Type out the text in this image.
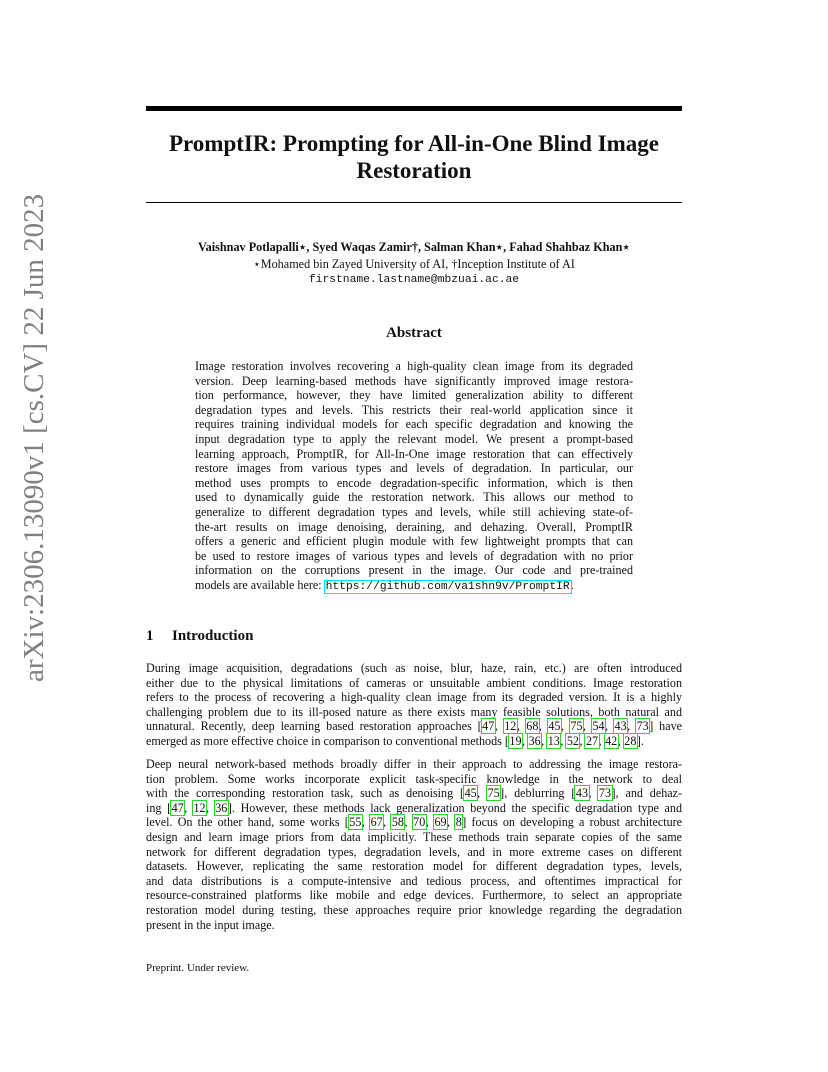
arXiv:2306.13090v1 [cs.CV] 22 Jun 2023
PromptIR: Prompting for All-in-One Blind Image
Restoration
Vaishnav Potlapalli⋆, Syed Waqas Zamir†, Salman Khan⋆, Fahad Shahbaz Khan⋆
⋆Mohamed bin Zayed University of AI, †Inception Institute of AI
firstname.lastname@mbzuai.ac.ae
Abstract
Image restoration involves recovering a high-quality clean image from its degraded
version. Deep learning-based methods have significantly improved image restora-
tion performance, however, they have limited generalization ability to different
degradation types and levels. This restricts their real-world application since it
requires training individual models for each specific degradation and knowing the
input degradation type to apply the relevant model. We present a prompt-based
learning approach, PromptIR, for All-In-One image restoration that can effectively
restore images from various types and levels of degradation. In particular, our
method uses prompts to encode degradation-specific information, which is then
used to dynamically guide the restoration network. This allows our method to
generalize to different degradation types and levels, while still achieving state-of-
the-art results on image denoising, deraining, and dehazing. Overall, PromptIR
offers a generic and efficient plugin module with few lightweight prompts that can
be used to restore images of various types and levels of degradation with no prior
information on the corruptions present in the image. Our code and pre-trained
models are available here: https://github.com/va1shn9v/PromptIR.
1 Introduction
During image acquisition, degradations (such as noise, blur, haze, rain, etc.) are often introduced
either due to the physical limitations of cameras or unsuitable ambient conditions. Image restoration
refers to the process of recovering a high-quality clean image from its degraded version. It is a highly
challenging problem due to its ill-posed nature as there exists many feasible solutions, both natural and
unnatural. Recently, deep learning based restoration approaches [47, 12, 68, 45, 75, 54, 43, 73] have
emerged as more effective choice in comparison to conventional methods [19, 36, 13, 52, 27, 42, 28].
Deep neural network-based methods broadly differ in their approach to addressing the image restora-
tion problem. Some works incorporate explicit task-specific knowledge in the network to deal
with the corresponding restoration task, such as denoising [45, 75], deblurring [43, 73], and dehaz-
ing [47, 12, 36]. However, these methods lack generalization beyond the specific degradation type and
level. On the other hand, some works [55, 67, 58, 70, 69, 8] focus on developing a robust architecture
design and learn image priors from data implicitly. These methods train separate copies of the same
network for different degradation types, degradation levels, and in more extreme cases on different
datasets. However, replicating the same restoration model for different degradation types, levels,
and data distributions is a compute-intensive and tedious process, and oftentimes impractical for
resource-constrained platforms like mobile and edge devices. Furthermore, to select an appropriate
restoration model during testing, these approaches require prior knowledge regarding the degradation
present in the input image.
Preprint. Under review.
